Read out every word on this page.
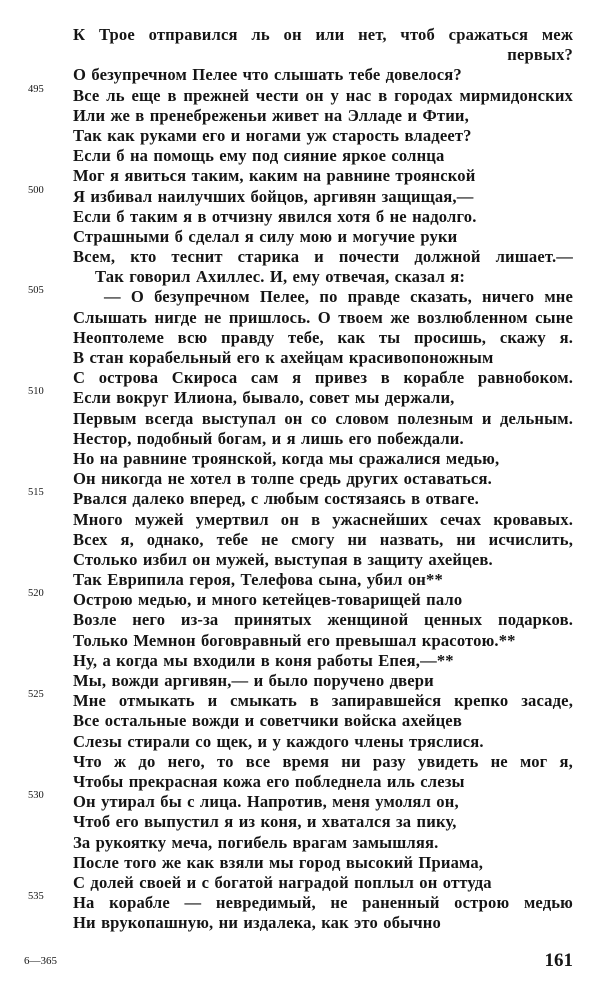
К Трое отправился ль он или нет, чтоб сражаться меж
первых?
О безупречном Пелее что слышать тебе довелося?
Все ль еще в прежней чести он у нас в городах мирмидонских
495
Или же в пренебреженьи живет на Элладе и Фтии,
Так как руками его и ногами уж старость владеет?
Если б на помощь ему под сияние яркое солнца
Мог я явиться таким, каким на равнине троянской
Я избивал наилучших бойцов, аргивян защищая,—
500
Если б таким я в отчизну явился хотя б не надолго.
Страшными б сделал я силу мою и могучие руки
Всем, кто теснит старика и почести должной лишает.—
Так говорил Ахиллес. И, ему отвечая, сказал я:
— О безупречном Пелее, по правде сказать, ничего мне
505
Слышать нигде не пришлось. О твоем же возлюбленном сыне
Неоптолеме всю правду тебе, как ты просишь, скажу я.
В стан корабельный его к ахейцам красивопоножным
С острова Скироса сам я привез в корабле равнобоком.
Если вокруг Илиона, бывало, совет мы держали,
510
Первым всегда выступал он со словом полезным и дельным.
Нестор, подобный богам, и я лишь его побеждали.
Но на равнине троянской, когда мы сражалися медью,
Он никогда не хотел в толпе средь других оставаться.
Рвался далеко вперед, с любым состязаясь в отваге.
515
Много мужей умертвил он в ужаснейших сечах кровавых.
Всех я, однако, тебе не смогу ни назвать, ни исчислить,
Столько избил он мужей, выступая в защиту ахейцев.
Так Еврипила героя, Телефова сына, убил он**
Острою медью, и много кетейцев-товарищей пало
520
Возле него из-за принятых женщиной ценных подарков.
Только Мемнон боговравный его превышал красотою.**
Ну, а когда мы входили в коня работы Епея,—**
Мы, вожди аргивян,— и было поручено двери
Мне отмыкать и смыкать в запиравшейся крепко засаде,
525
Все остальные вожди и советчики войска ахейцев
Слезы стирали со щек, и у каждого члены тряслися.
Что ж до него, то все время ни разу увидеть не мог я,
Чтобы прекрасная кожа его побледнела иль слезы
Он утирал бы с лица. Напротив, меня умолял он,
530
Чтоб его выпустил я из коня, и хватался за пику,
За рукоятку меча, погибель врагам замышляя.
После того же как взяли мы город высокий Приама,
С долей своей и с богатой наградой поплыл он оттуда
На корабле — невредимый, не раненный острою медью
535
Ни врукопашную, ни издалека, как это обычно
6—365	161
